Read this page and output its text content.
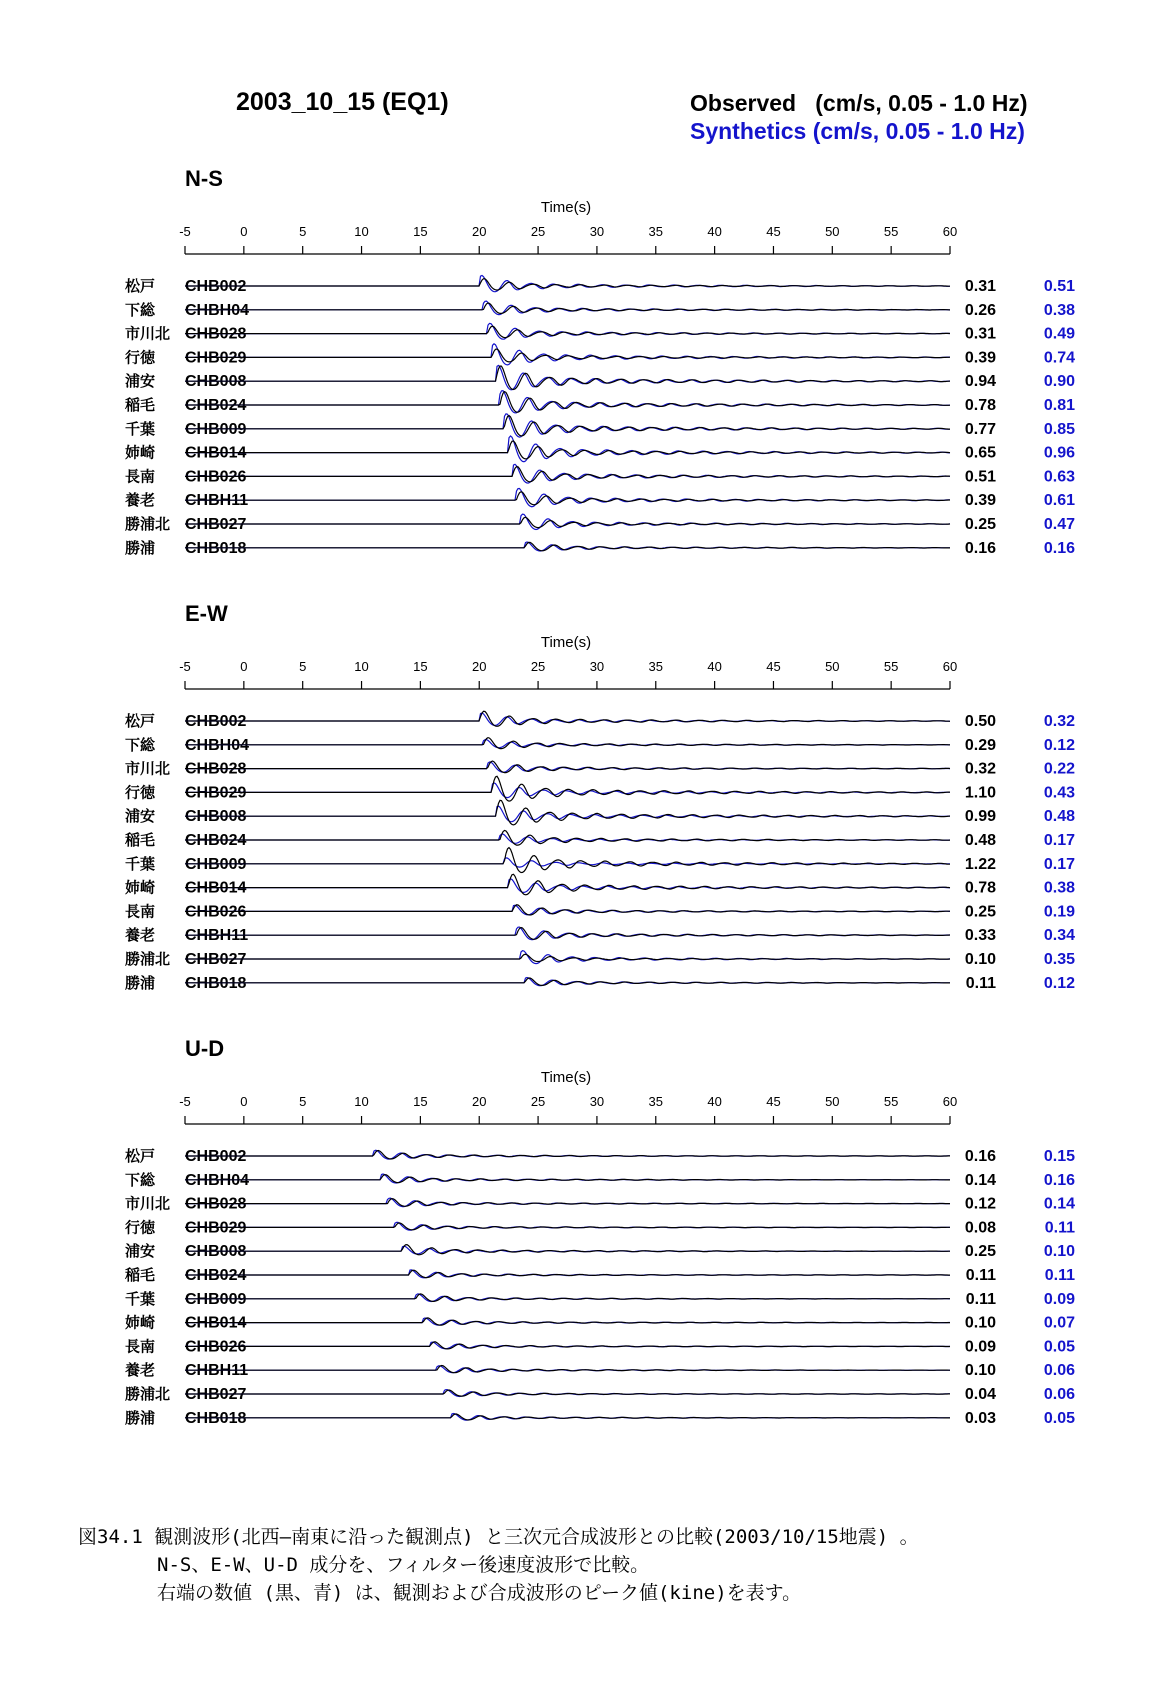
2003_10_15 (EQ1)	Observed   (cm/s, 0.05 - 1.0 Hz)
Synthetics (cm/s, 0.05 - 1.0 Hz)
N-S
Time(s)
-5	0	5	10	15	20	25	30	35	40	45	50	55	60
松戸 CHB002	0.31	0.51
下総 CHBH04	0.26	0.38
市川北 CHB028	0.31	0.49
行徳 CHB029	0.39	0.74
浦安 CHB008	0.94	0.90
稲毛 CHB024	0.78	0.81
千葉 CHB009	0.77	0.85
姉崎 CHB014	0.65	0.96
長南 CHB026	0.51	0.63
養老 CHBH11	0.39	0.61
勝浦北 CHB027	0.25	0.47
勝浦 CHB018	0.16	0.16
E-W
Time(s)
-5	0	5	10	15	20	25	30	35	40	45	50	55	60
松戸 CHB002	0.50	0.32
下総 CHBH04	0.29	0.12
市川北 CHB028	0.32	0.22
行徳 CHB029	1.10	0.43
浦安 CHB008	0.99	0.48
稲毛 CHB024	0.48	0.17
千葉 CHB009	1.22	0.17
姉崎 CHB014	0.78	0.38
長南 CHB026	0.25	0.19
養老 CHBH11	0.33	0.34
勝浦北 CHB027	0.10	0.35
勝浦 CHB018	0.11	0.12
U-D
Time(s)
-5	0	5	10	15	20	25	30	35	40	45	50	55	60
松戸 CHB002	0.16	0.15
下総 CHBH04	0.14	0.16
市川北 CHB028	0.12	0.14
行徳 CHB029	0.08	0.11
浦安 CHB008	0.25	0.10
稲毛 CHB024	0.11	0.11
千葉 CHB009	0.11	0.09
姉崎 CHB014	0.10	0.07
長南 CHB026	0.09	0.05
養老 CHBH11	0.10	0.06
勝浦北 CHB027	0.04	0.06
勝浦 CHB018	0.03	0.05
図34.1 観測波形(北西—南東に沿った観測点) と三次元合成波形との比較(2003/10/15地震) 。
N-S、E-W、U-D 成分を、フィルター後速度波形で比較。
右端の数値 (黒、青) は、観測および合成波形のピーク値(kine)を表す。
